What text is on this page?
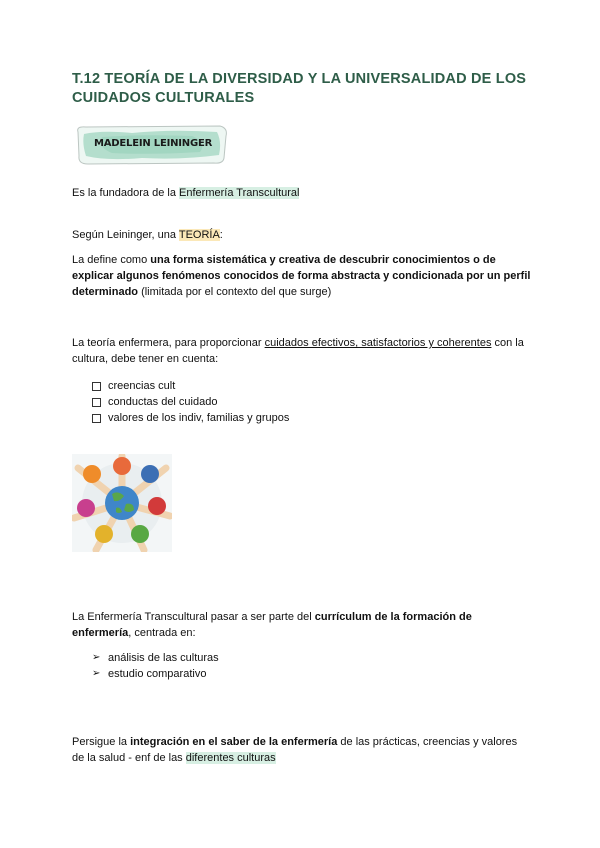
T.12 TEORÍA DE LA DIVERSIDAD Y LA UNIVERSALIDAD DE LOS CUIDADOS CULTURALES
MADELEIN LEININGER
Es la fundadora de la Enfermería Transcultural
Según Leininger, una TEORÍA:
La define como una forma sistemática y creativa de descubrir conocimientos o de explicar algunos fenómenos conocidos de forma abstracta y condicionada por un perfil determinado (limitada por el contexto del que surge)
La teoría enfermera, para proporcionar cuidados efectivos, satisfactorios y coherentes con la cultura, debe tener en cuenta:
creencias cult
conductas del cuidado
valores de los indiv, familias y grupos
La Enfermería Transcultural pasar a ser parte del currículum de la formación de enfermería, centrada en:
➢ análisis de las culturas
➢ estudio comparativo
Persigue la integración en el saber de la enfermería de las prácticas, creencias y valores de la salud - enf de las diferentes culturas
